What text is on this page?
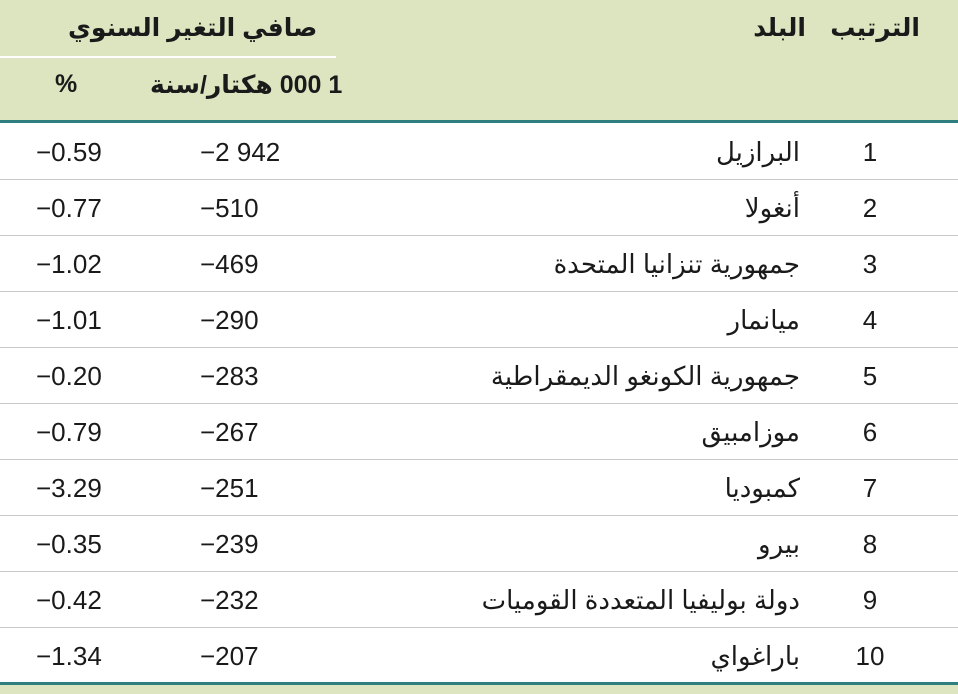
الترتيب
البلد
صافي التغير السنوي
1 000 هكتار/سنة
%
1
البرازيل
−2 942
−0.59
2
أنغولا
−510
−0.77
3
جمهورية تنزانيا المتحدة
−469
−1.02
4
ميانمار
−290
−1.01
5
جمهورية الكونغو الديمقراطية
−283
−0.20
6
موزامبيق
−267
−0.79
7
كمبوديا
−251
−3.29
8
بيرو
−239
−0.35
9
دولة بوليفيا المتعددة القوميات
−232
−0.42
10
باراغواي
−207
−1.34
